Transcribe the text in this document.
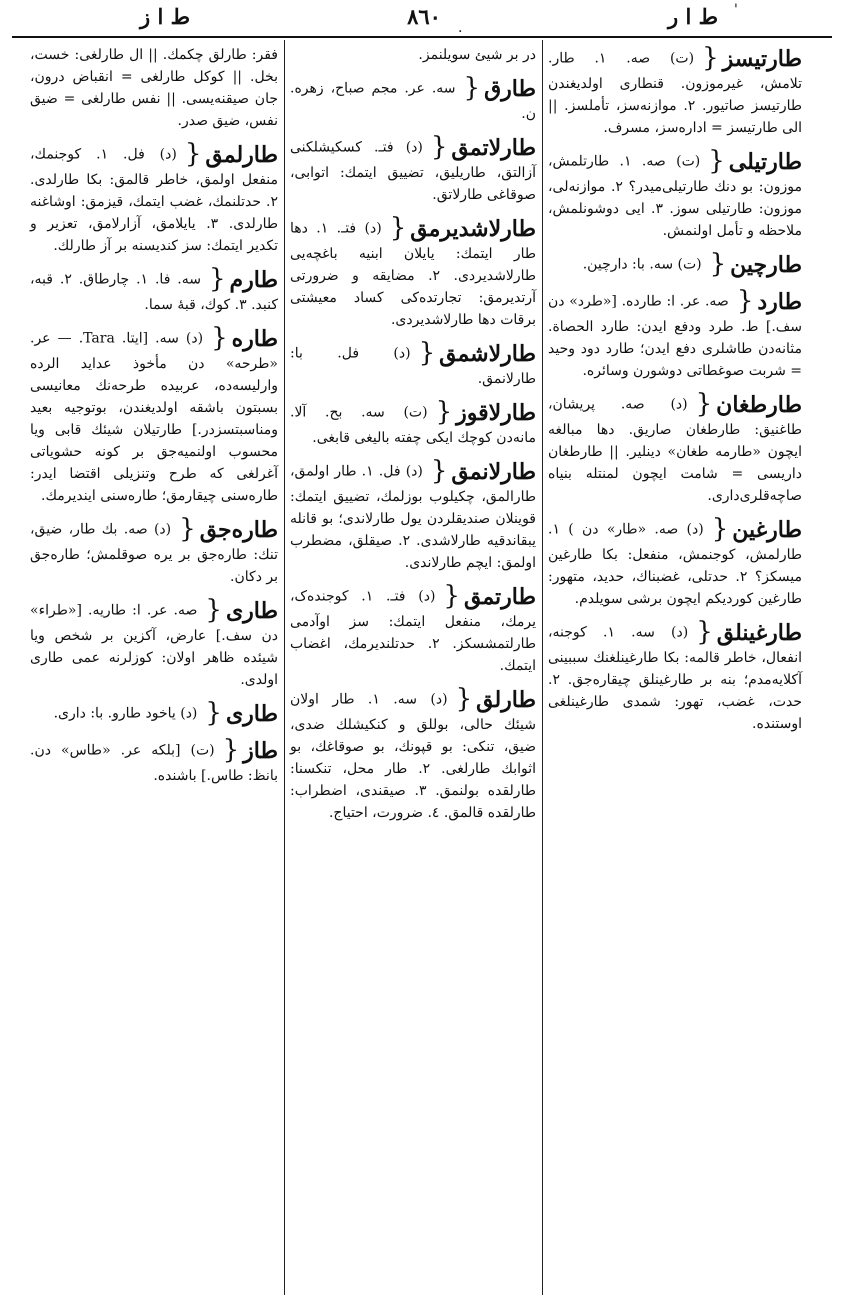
ط ا ز	۸٦٠	ط ا ر '
.
طارتیسز {(ت) صه. ۱. طار. تلامش، غیرموزون. قنطاری اولدیغندن طارتیسز صاتیور. ۲. موازنه‌سز، تأملسز. || الی طارتیسز = ادارەسز، مسرف.
طارتیلی {(ت) صه. ۱. طارتلمش، موزون: بو دنك طارتیلی‌میدر؟ ۲. موازنه‌لی، موزون: طارتیلی سوز. ۳. ایی دوشونلمش، ملاحظه و تأمل اولنمش.
طارچین {(ت) سه. با: دارچین.
طارد {صه. عر. ا: طارده. [«طرد» دن سف.] ط. طرد ودفع ایدن: طارد الحصاة. مثانه‌دن طاشلری دفع ایدن؛ طارد دود وحید = شربت صوغطاتی دوشورن وسائره.
طارطغان {(د) صه. پریشان، طاغنیق: طارطغان صاریق. دها مبالغه ایچون «طارمه طغان» دینلیر. || طارطغان داریسی = شامت ایچون لمنتله بنیاه صاچه‌قلری‌داری.
طارغین {(د) صه. «طار» دن ) ۱. طارلمش، کوجنمش، منفعل: بکا طارغین میسکز؟ ۲. حدتلی، غضبناك، حدید، متهور: طارغین کوردیکم ایچون برشی سویلدم.
طارغینلق {(د) سه. ۱. کوجنه، انفعال، خاطر قالمه: بکا طارغینلغنك سببینی آکلایه‌مدم؛ بنه بر طارغینلق چیقاره‌جق. ۲. حدت، غضب، تهور: شمدی طارغینلغی اوستنده.
در بر شیئ سویلنمز.
طارق {سه. عر. مجم صباح، زهره. ن.
طارلاتمق {(د) فتـ. کسکیشلکنی آزالتق، طاریلیق، تضییق ایتمك: اتوابی، صوقاغی طارلاتق.
طارلاشدیرمق {(د) فتـ. ۱. دها طار ایتمك: یایلان ابنیه باغچه‌یی طارلاشدیردی. ۲. مضایقه و ضرورتی آرتدیرمق: تجارتده‌کی کساد معیشتی برقات دها طارلاشدیردی.
طارلاشمق {(د) فل. با: طارلانمق.
طارلاقوز {(ت) سه. بح. آلا. مانه‌دن کوچك ایکی چفته بالیغی قابغی.
طارلانمق {(د) فل. ۱. طار اولمق، طارالمق، چکیلوب بوزلمك، تضییق ایتمك: قوینلان صندیقلردن یول طارلاندی؛ بو قانله یبقاندقیه طارلاشدی. ۲. صیقلق، مضطرب اولمق: ایچم طارلاندی.
طارتمق {(د) فتـ. ۱. کوجنده‌ک، یرمك، منفعل ایتمك: سز اوآدمی طارلتمشسکز. ۲. حدتلندیرمك، اغضاب ایتمك.
طارلق {(د) سه. ۱. طار اولان شیئك حالی، بوللق و کنکیشلك ضدی، ضیق، تنكی: بو قپونك، بو صوقاغك، بو اثوابك طارلغی. ۲. طار محل، تنكسنا: طارلقده بولنمق. ۳. صیقندی، اضطراب: طارلقده قالمق. ٤. ضرورت، احتیاج.
فقر: طارلق چکمك. || ال طارلغی: خست، بخل. || کوکل طارلغی = انقباض درون، جان صیقنه‌یسی. || نفس طارلغی = ضیق نفس، ضیق صدر.
طارلمق {(د) فل. ۱. کوجنمك، منفعل اولمق، خاطر قالمق: بکا طارلدی. ۲. حدتلنمك، غضب ایتمك، قیزمق: اوشاغنه طارلدی. ۳. یایلامق، آزارلامق، تعزیر و تکدیر ایتمك: سز کندیسنه بر آز طارلك.
طارم {سه. فا. ۱. چارطاق. ۲. قبه، کنبد. ۳. کوك، قبهٔ سما.
طاره {(د) سه. [ایتا. Tara. — عر. «طرحه» دن مأخوذ عداید الرده وارلیسه‌ده، عربیده طرحه‌نك معانیسی بسبتون باشقه اولدیغندن، بوتوجیه بعید ومناسبتسزدر.] طارتیلان شیئك قابی ویا محسوب اولنمیه‌جق بر کونه حشویاتی آغرلغی که طرح وتنزیلی اقتضا ایدر: طاره‌سنی چیقارمق؛ طاره‌سنی ایندیرمك.
طاره‌جق {(د) صه. بك طار، ضیق، تنك: طاره‌جق بر یره صوقلمش؛ طاره‌جق بر دکان.
طاری {صه. عر. ا: طاریه. [«طراء» دن سف.] عارض، آکزین بر شخص ویا شیئده ظاهر اولان: کوزلرنه عمی طاری اولدی.
طاری {(د) یاخود طارو. با: داری.
طاز {(ت) [بلکه عر. «طاس» دن. بانظ: طاس.] باشنده.
